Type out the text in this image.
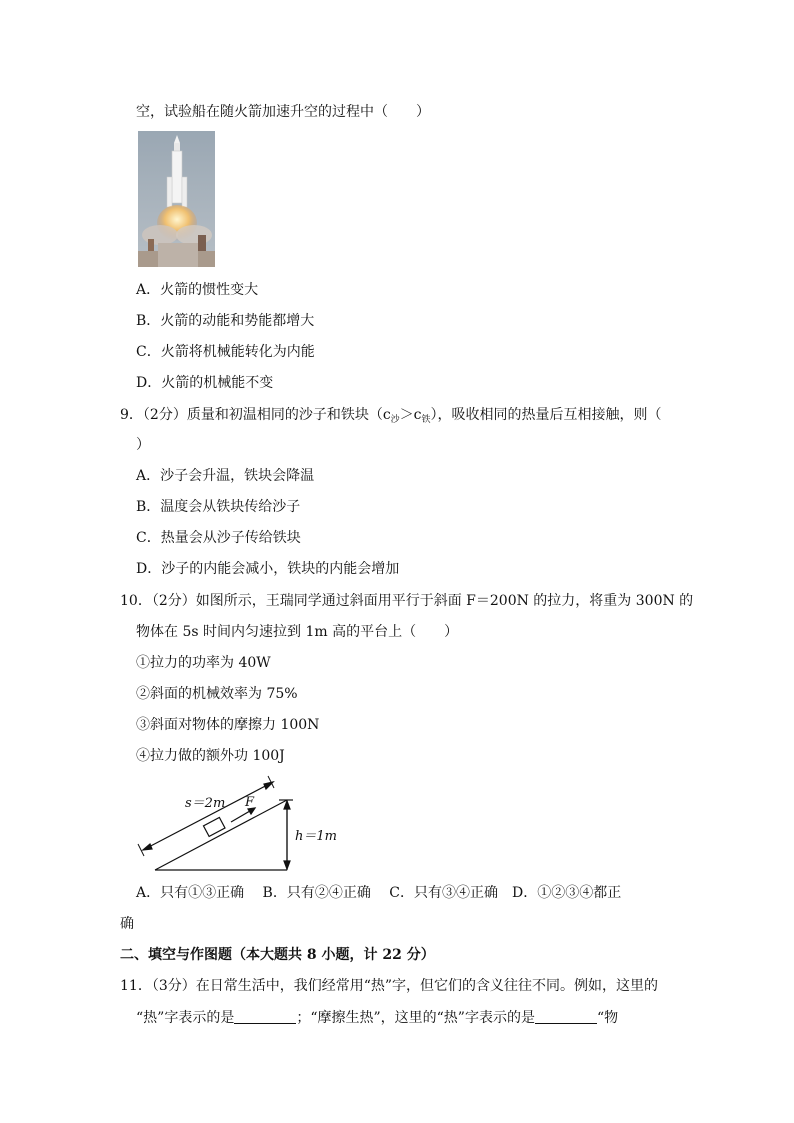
空，试验船在随火箭加速升空的过程中（　　）
A．火箭的惯性变大
B．火箭的动能和势能都增大
C．火箭将机械能转化为内能
D．火箭的机械能不变
9．（2分）质量和初温相同的沙子和铁块$(c_沙>c_铁)$，吸收相同的热量后互相接触，则（
）
A．沙子会升温，铁块会降温
B．温度会从铁块传给沙子
C．热量会从沙子传给铁块
D．沙子的内能会减小，铁块的内能会增加
10．（2分）如图所示，王瑞同学通过斜面用平行于斜面 F＝200N 的拉力，将重为 300N 的
物体在 5s 时间内匀速拉到 1m 高的平台上（　　）
①拉力的功率为 40W
②斜面的机械效率为 75%
③斜面对物体的摩擦力 100N
④拉力做的额外功 100J
s＝2m F
h＝1m
A．只有①③正确　 B．只有②④正确　 C．只有③④正确　D．①②③④都正
确
二、填空与作图题（本大题共 8 小题，计 22 分）
11．（3分）在日常生活中，我们经常用“热”字，但它们的含义往往不同。例如，这里的
“热”字表示的是	；“摩擦生热”，这里的“热”字表示的是	“物
